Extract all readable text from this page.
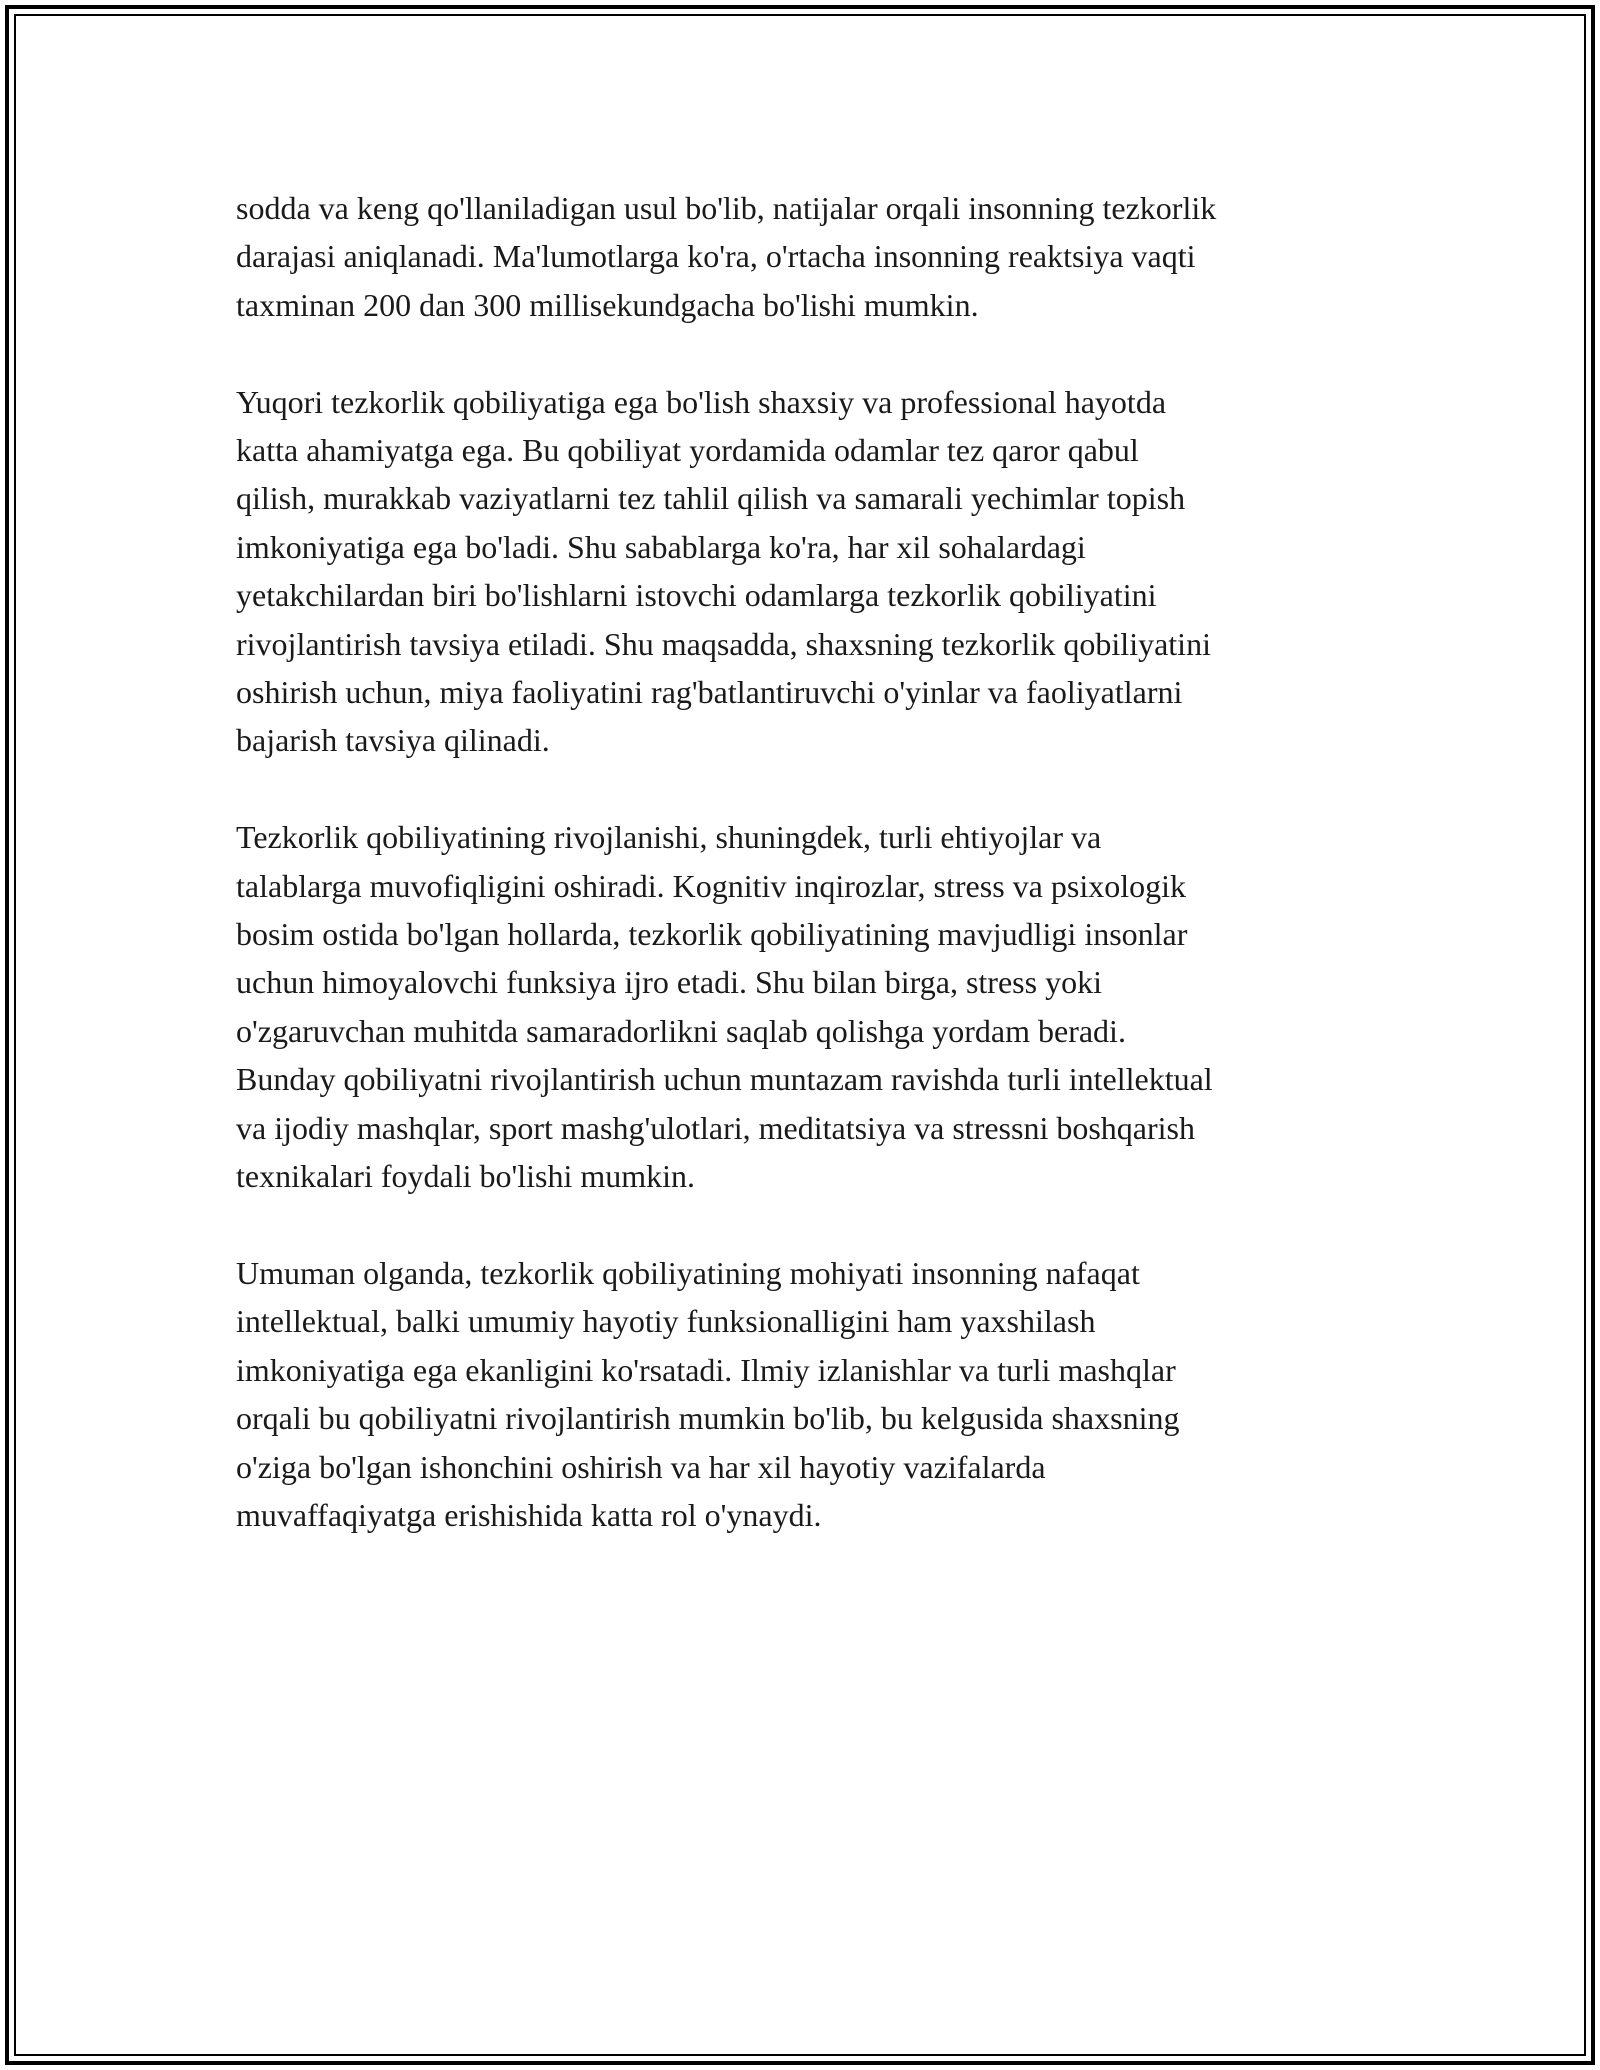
sodda va keng qo'llaniladigan usul bo'lib, natijalar orqali insonning tezkorlik
darajasi aniqlanadi. Ma'lumotlarga ko'ra, o'rtacha insonning reaktsiya vaqti
taxminan 200 dan 300 millisekundgacha bo'lishi mumkin.

Yuqori tezkorlik qobiliyatiga ega bo'lish shaxsiy va professional hayotda
katta ahamiyatga ega. Bu qobiliyat yordamida odamlar tez qaror qabul
qilish, murakkab vaziyatlarni tez tahlil qilish va samarali yechimlar topish
imkoniyatiga ega bo'ladi. Shu sabablarga ko'ra, har xil sohalardagi
yetakchilardan biri bo'lishlarni istovchi odamlarga tezkorlik qobiliyatini
rivojlantirish tavsiya etiladi. Shu maqsadda, shaxsning tezkorlik qobiliyatini
oshirish uchun, miya faoliyatini rag'batlantiruvchi o'yinlar va faoliyatlarni
bajarish tavsiya qilinadi.

Tezkorlik qobiliyatining rivojlanishi, shuningdek, turli ehtiyojlar va
talablarga muvofiqligini oshiradi. Kognitiv inqirozlar, stress va psixologik
bosim ostida bo'lgan hollarda, tezkorlik qobiliyatining mavjudligi insonlar
uchun himoyalovchi funksiya ijro etadi. Shu bilan birga, stress yoki
o'zgaruvchan muhitda samaradorlikni saqlab qolishga yordam beradi.
Bunday qobiliyatni rivojlantirish uchun muntazam ravishda turli intellektual
va ijodiy mashqlar, sport mashg'ulotlari, meditatsiya va stressni boshqarish
texnikalari foydali bo'lishi mumkin.

Umuman olganda, tezkorlik qobiliyatining mohiyati insonning nafaqat
intellektual, balki umumiy hayotiy funksionalligini ham yaxshilash
imkoniyatiga ega ekanligini ko'rsatadi. Ilmiy izlanishlar va turli mashqlar
orqali bu qobiliyatni rivojlantirish mumkin bo'lib, bu kelgusida shaxsning
o'ziga bo'lgan ishonchini oshirish va har xil hayotiy vazifalarda
muvaffaqiyatga erishishida katta rol o'ynaydi.
